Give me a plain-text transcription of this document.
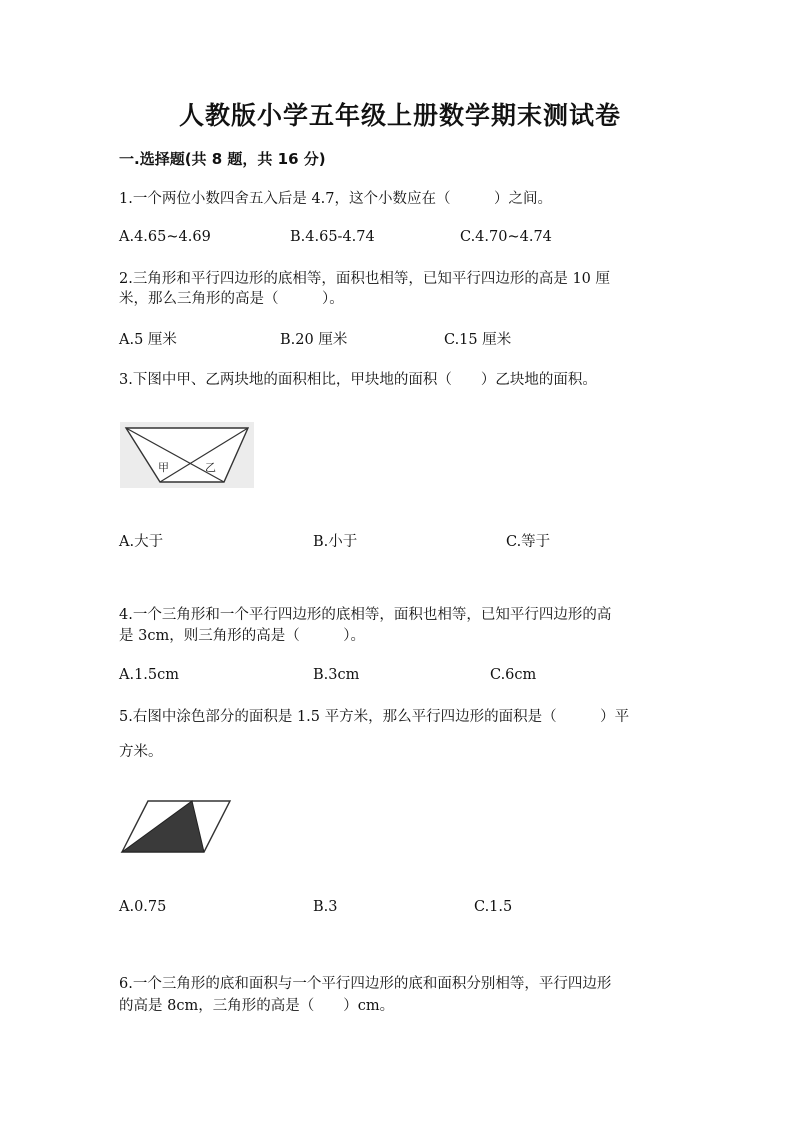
人教版小学五年级上册数学期末测试卷
一.选择题(共 8 题，共 16 分)
1.一个两位小数四舍五入后是 4.7，这个小数应在（　　　）之间。
A.4.65~4.69	B.4.65-4.74	C.4.70~4.74
2.三角形和平行四边形的底相等，面积也相等，已知平行四边形的高是 10 厘
米，那么三角形的高是（　　　）。
A.5 厘米	B.20 厘米	C.15 厘米
3.下图中甲、乙两块地的面积相比，甲块地的面积（　　）乙块地的面积。
甲	乙
A.大于	B.小于	C.等于
4.一个三角形和一个平行四边形的底相等，面积也相等，已知平行四边形的高
是 3cm，则三角形的高是（　　　）。
A.1.5cm	B.3cm	C.6cm
5.右图中涂色部分的面积是 1.5 平方米，那么平行四边形的面积是（　　　）平
方米。
A.0.75	B.3	C.1.5
6.一个三角形的底和面积与一个平行四边形的底和面积分别相等，平行四边形
的高是 8cm，三角形的高是（　　）cm。
